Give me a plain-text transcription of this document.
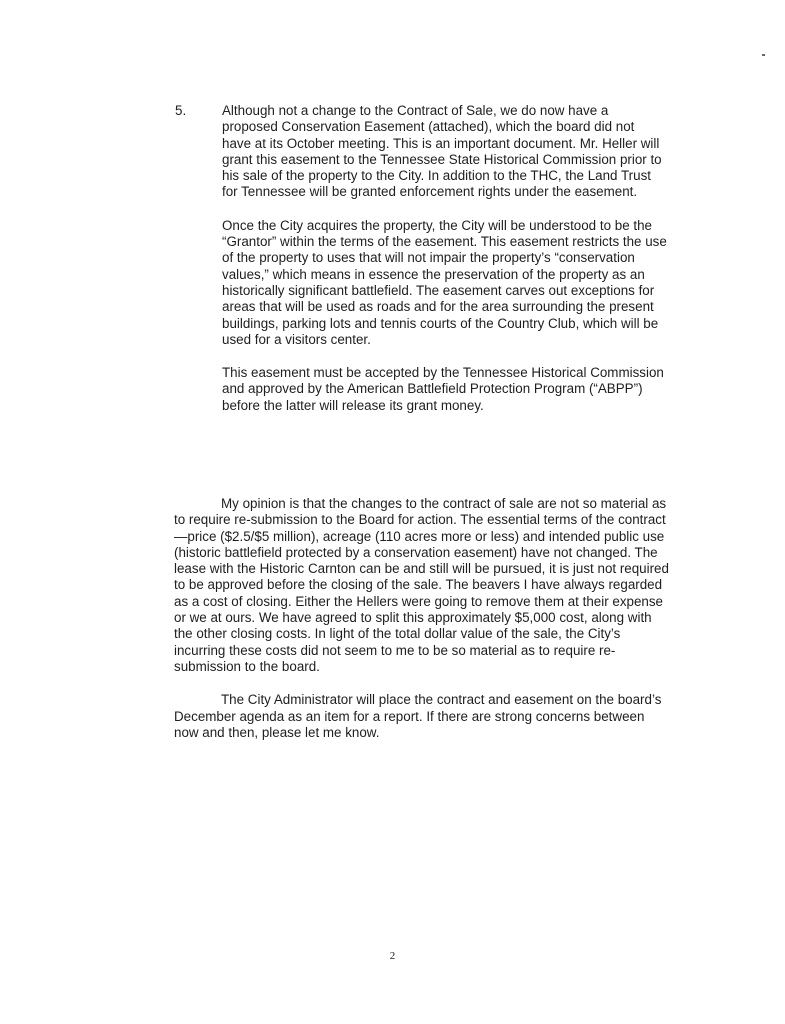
5.	Although not a change to the Contract of Sale, we do now have a proposed Conservation Easement (attached), which the board did not have at its October meeting. This is an important document. Mr. Heller will grant this easement to the Tennessee State Historical Commission prior to his sale of the property to the City. In addition to the THC, the Land Trust for Tennessee will be granted enforcement rights under the easement.

Once the City acquires the property, the City will be understood to be the “Grantor” within the terms of the easement. This easement restricts the use of the property to uses that will not impair the property’s “conservation values,” which means in essence the preservation of the property as an historically significant battlefield. The easement carves out exceptions for areas that will be used as roads and for the area surrounding the present buildings, parking lots and tennis courts of the Country Club, which will be used for a visitors center.

This easement must be accepted by the Tennessee Historical Commission and approved by the American Battlefield Protection Program (“ABPP”) before the latter will release its grant money.

My opinion is that the changes to the contract of sale are not so material as to require re-submission to the Board for action. The essential terms of the contract—price ($2.5/$5 million), acreage (110 acres more or less) and intended public use (historic battlefield protected by a conservation easement) have not changed. The lease with the Historic Carnton can be and still will be pursued, it is just not required to be approved before the closing of the sale. The beavers I have always regarded as a cost of closing. Either the Hellers were going to remove them at their expense or we at ours. We have agreed to split this approximately $5,000 cost, along with the other closing costs. In light of the total dollar value of the sale, the City’s incurring these costs did not seem to me to be so material as to require re-submission to the board.

The City Administrator will place the contract and easement on the board’s December agenda as an item for a report. If there are strong concerns between now and then, please let me know.

2
